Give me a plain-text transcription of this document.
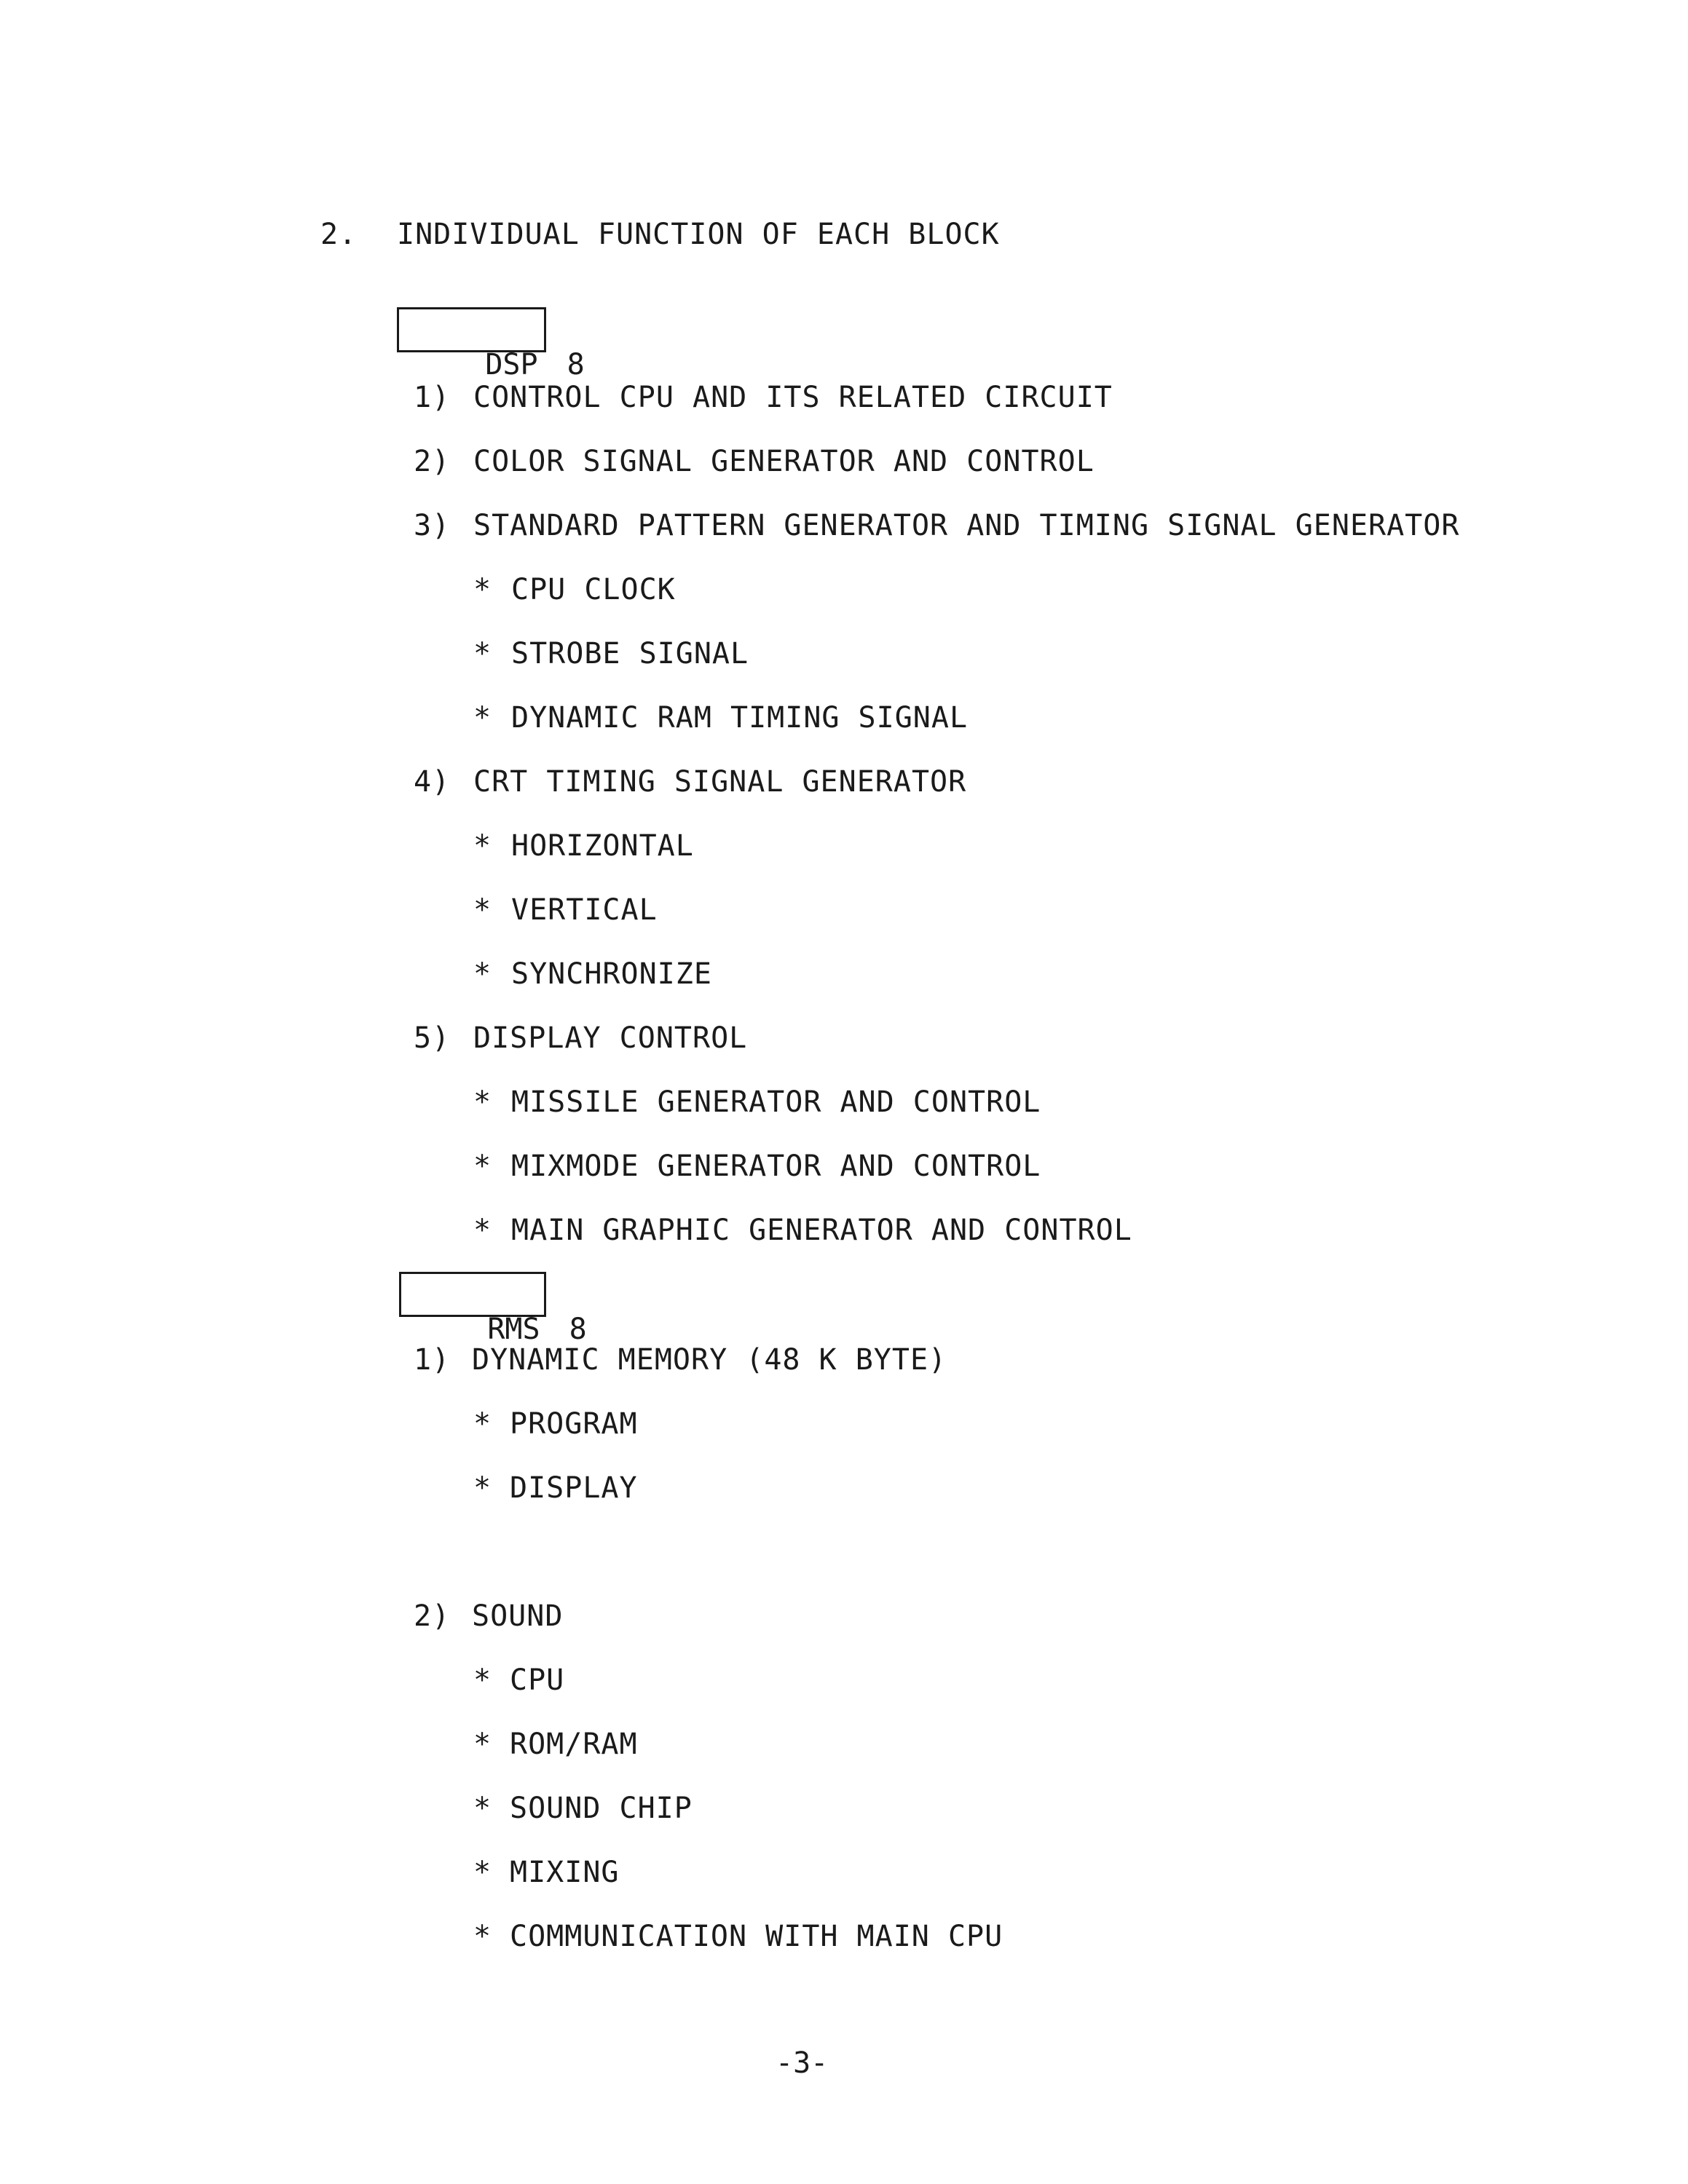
2. INDIVIDUAL FUNCTION OF EACH BLOCK

DSP 8

1) CONTROL CPU AND ITS RELATED CIRCUIT
2) COLOR SIGNAL GENERATOR AND CONTROL
3) STANDARD PATTERN GENERATOR AND TIMING SIGNAL GENERATOR
* CPU CLOCK
* STROBE SIGNAL
* DYNAMIC RAM TIMING SIGNAL
4) CRT TIMING SIGNAL GENERATOR
* HORIZONTAL
* VERTICAL
* SYNCHRONIZE
5) DISPLAY CONTROL
* MISSILE GENERATOR AND CONTROL
* MIXMODE GENERATOR AND CONTROL
* MAIN GRAPHIC GENERATOR AND CONTROL

RMS 8

1) DYNAMIC MEMORY (48 K BYTE)
* PROGRAM
* DISPLAY
2) SOUND
* CPU
* ROM/RAM
* SOUND CHIP
* MIXING
* COMMUNICATION WITH MAIN CPU
-3-
